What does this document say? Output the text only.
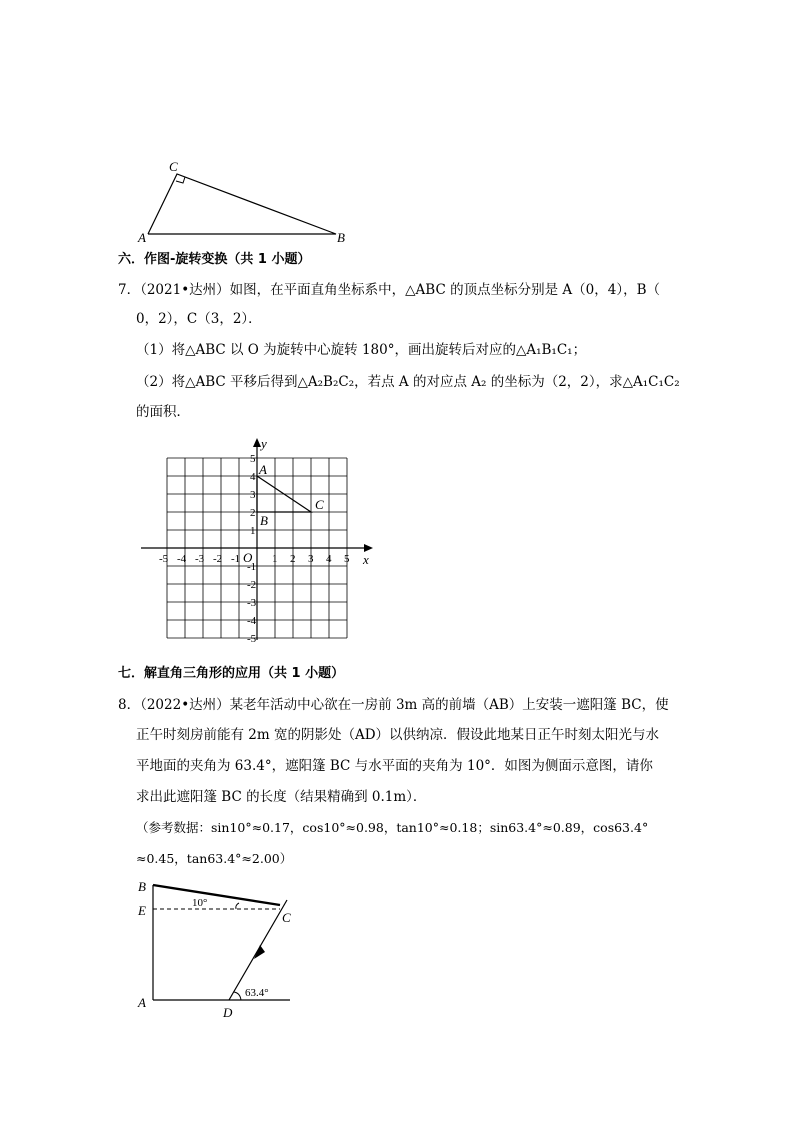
C
A	B
六．作图-旋转变换（共 1 小题）
7．（2021•达州）如图，在平面直角坐标系中，△ABC 的顶点坐标分别是 A（0，4），B（
0，2），C（3，2）．
（1）将△ABC 以 O 为旋转中心旋转 180°，画出旋转后对应的△A₁B₁C₁；
（2）将△ABC 平移后得到△A₂B₂C₂，若点 A 的对应点 A₂ 的坐标为（2，2），求△A₁C₁C₂
的面积．
x
y
O
-5 -4 -3 -2 -1	1 2 3 4 5
5
4
3
2
1
-1
-2
-3
-4
-5
A
B
C
七．解直角三角形的应用（共 1 小题）
8．（2022•达州）某老年活动中心欲在一房前 3m 高的前墙（AB）上安装一遮阳篷 BC，使
正午时刻房前能有 2m 宽的阴影处（AD）以供纳凉．假设此地某日正午时刻太阳光与水
平地面的夹角为 63.4°，遮阳篷 BC 与水平面的夹角为 10°．如图为侧面示意图，请你
求出此遮阳篷 BC 的长度（结果精确到 0.1m）．
（参考数据：sin10°≈0.17，cos10°≈0.98，tan10°≈0.18；sin63.4°≈0.89，cos63.4°
≈0.45，tan63.4°≈2.00）
B
E	C
A
D
10°
63.4°
